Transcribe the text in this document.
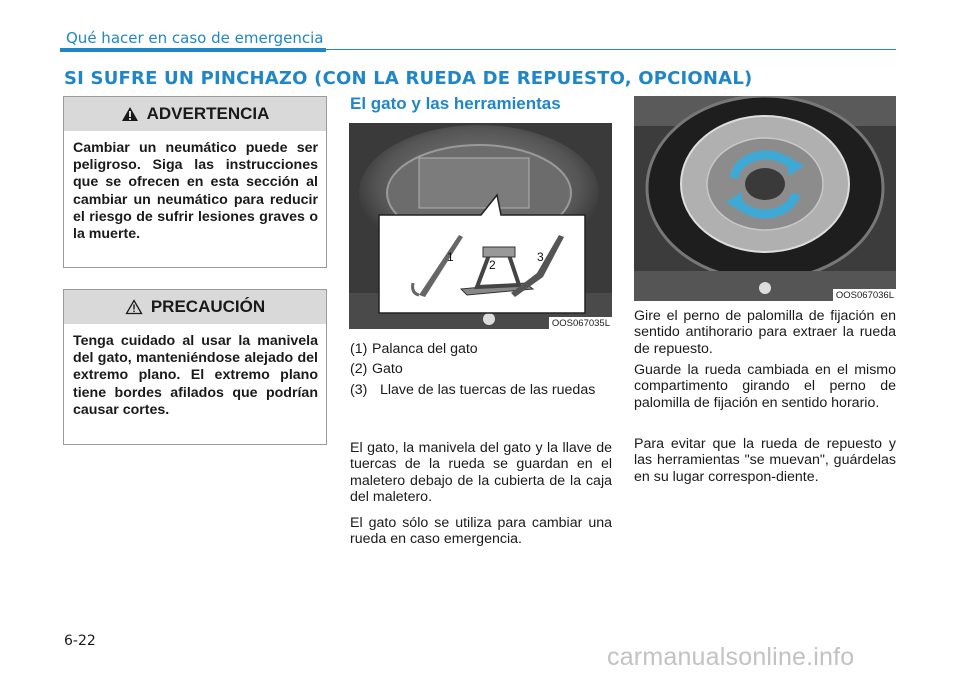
Qué hacer en caso de emergencia
SI SUFRE UN PINCHAZO (CON LA RUEDA DE REPUESTO, OPCIONAL)
ADVERTENCIA
Cambiar un neumático puede ser peligroso. Siga las instrucciones que se ofrecen en esta sección al cambiar un neumático para reducir el riesgo de sufrir lesiones graves o la muerte.
PRECAUCIÓN
Tenga cuidado al usar la manivela del gato, manteniéndose alejado del extremo plano. El extremo plano tiene bordes afilados que podrían causar cortes.
El gato y las herramientas
1
2
3
OOS067035L
(1) Palanca del gato
(2) Gato
(3) Llave de las tuercas de las ruedas
El gato, la manivela del gato y la llave de tuercas de la rueda se guardan en el maletero debajo de la cubierta de la caja del maletero.
El gato sólo se utiliza para cambiar una rueda en caso emergencia.
OOS067036L
Gire el perno de palomilla de fijación en sentido antihorario para extraer la rueda de repuesto.
Guarde la rueda cambiada en el mismo compartimento girando el perno de palomilla de fijación en sentido horario.
Para evitar que la rueda de repuesto y las herramientas "se muevan", guárdelas en su lugar correspon-diente.
6-22
carmanualsonline.info
